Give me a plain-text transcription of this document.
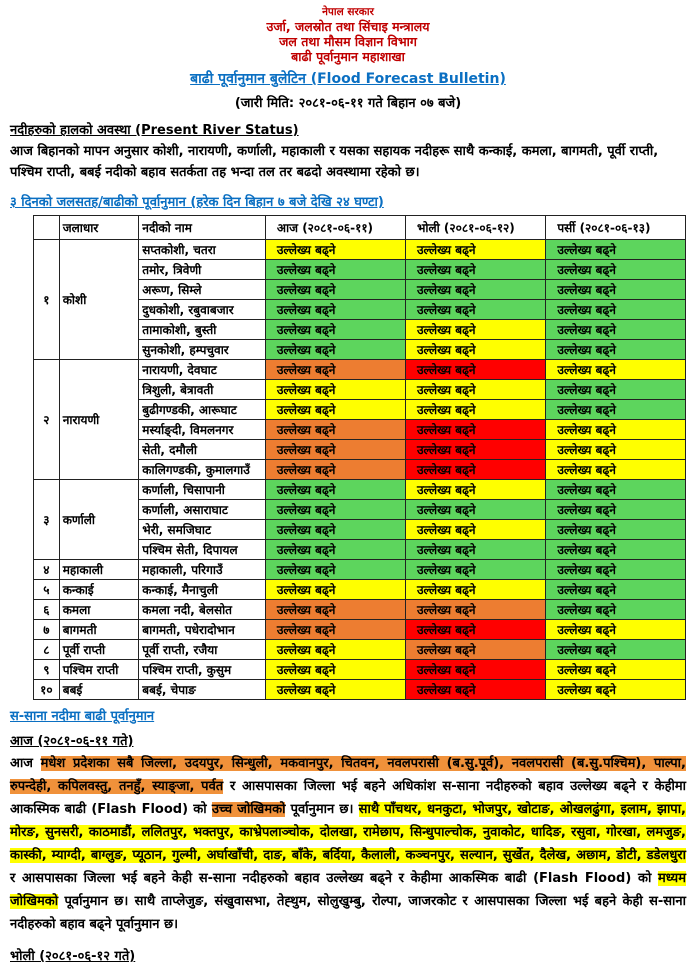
नेपाल सरकार
उर्जा, जलस्रोत तथा सिंचाइ मन्त्रालय
जल तथा मौसम विज्ञान विभाग
बाढी पूर्वानुमान महाशाखा
बाढी पूर्वानुमान बुलेटिन (Flood Forecast Bulletin)
(जारी मिति: २०८१-०६-११ गते बिहान ०७ बजे)
नदीहरुको हालको अवस्था (Present River Status)

आज बिहानको मापन अनुसार कोशी, नारायणी, कर्णाली, महाकाली र यसका सहायक नदीहरू साथै कन्काई, कमला, बागमती, पूर्वी राप्ती, पश्चिम राप्ती, बबई नदीको बहाव सतर्कता तह भन्दा तल तर बढदो अवस्थामा रहेको छ।

३ दिनको जलसतह/बाढीको पूर्वानुमान (हरेक दिन बिहान ७ बजे देखि २४ घण्टा)
	जलाधार	नदीको नाम	आज (२०८१-०६-११)	भोली (२०८१-०६-१२)	पर्सी (२०८१-०६-१३)
१	कोशी	सप्तकोशी, चतरा	उल्लेख्य बढ्ने	उल्लेख्य बढ्ने	उल्लेख्य बढ्ने
		तमोर, त्रिवेणी	उल्लेख्य बढ्ने	उल्लेख्य बढ्ने	उल्लेख्य बढ्ने
		अरूण, सिम्ले	उल्लेख्य बढ्ने	उल्लेख्य बढ्ने	उल्लेख्य बढ्ने
		दुधकोशी, रबुवाबजार	उल्लेख्य बढ्ने	उल्लेख्य बढ्ने	उल्लेख्य बढ्ने
		तामाकोशी, बुस्ती	उल्लेख्य बढ्ने	उल्लेख्य बढ्ने	उल्लेख्य बढ्ने
		सुनकोशी, हम्पचुवार	उल्लेख्य बढ्ने	उल्लेख्य बढ्ने	उल्लेख्य बढ्ने
२	नारायणी	नारायणी, देवघाट	उल्लेख्य बढ्ने	उल्लेख्य बढ्ने	उल्लेख्य बढ्ने
		त्रिशुली, बेत्रावती	उल्लेख्य बढ्ने	उल्लेख्य बढ्ने	उल्लेख्य बढ्ने
		बुढीगण्डकी, आरूघाट	उल्लेख्य बढ्ने	उल्लेख्य बढ्ने	उल्लेख्य बढ्ने
		मर्स्याङ्दी, विमलनगर	उल्लेख्य बढ्ने	उल्लेख्य बढ्ने	उल्लेख्य बढ्ने
		सेती, दमौली	उल्लेख्य बढ्ने	उल्लेख्य बढ्ने	उल्लेख्य बढ्ने
		कालिगण्डकी, कुमालगाउँ	उल्लेख्य बढ्ने	उल्लेख्य बढ्ने	उल्लेख्य बढ्ने
३	कर्णाली	कर्णाली, चिसापानी	उल्लेख्य बढ्ने	उल्लेख्य बढ्ने	उल्लेख्य बढ्ने
		कर्णाली, असाराघाट	उल्लेख्य बढ्ने	उल्लेख्य बढ्ने	उल्लेख्य बढ्ने
		भेरी, समजिघाट	उल्लेख्य बढ्ने	उल्लेख्य बढ्ने	उल्लेख्य बढ्ने
		पश्चिम सेती, दिपायल	उल्लेख्य बढ्ने	उल्लेख्य बढ्ने	उल्लेख्य बढ्ने
४	महाकाली	महाकाली, परिगाउँ	उल्लेख्य बढ्ने	उल्लेख्य बढ्ने	उल्लेख्य बढ्ने
५	कन्काई	कन्काई, मैनाचुली	उल्लेख्य बढ्ने	उल्लेख्य बढ्ने	उल्लेख्य बढ्ने
६	कमला	कमला नदी, बेलसोत	उल्लेख्य बढ्ने	उल्लेख्य बढ्ने	उल्लेख्य बढ्ने
७	बागमती	बागमती, पधेरादोभान	उल्लेख्य बढ्ने	उल्लेख्य बढ्ने	उल्लेख्य बढ्ने
८	पूर्वी राप्ती	पूर्वी राप्ती, रजैया	उल्लेख्य बढ्ने	उल्लेख्य बढ्ने	उल्लेख्य बढ्ने
९	पश्चिम राप्ती	पश्चिम राप्ती, कुसुम	उल्लेख्य बढ्ने	उल्लेख्य बढ्ने	उल्लेख्य बढ्ने
१०	बबई	बबई, चेपाङ	उल्लेख्य बढ्ने	उल्लेख्य बढ्ने	उल्लेख्य बढ्ने
स-साना नदीमा बाढी पूर्वानुमान
आज (२०८१-०६-११ गते)

आज मधेश प्रदेशका सबै जिल्ला, उदयपुर, सिन्धुली, मकवानपुर, चितवन, नवलपरासी (ब.सु.पूर्व), नवलपरासी (ब.सु.पश्चिम), पाल्पा, रुपन्देही, कपिलवस्तु, तनहुँ, स्याङ्जा, पर्वत र आसपासका जिल्ला भई बहने अधिकांश स-साना नदीहरुको बहाव उल्लेख्य बढ्ने र केहीमा आकस्मिक बाढी (Flash Flood) को उच्च जोखिमको पूर्वानुमान छ। साथै पाँचथर, धनकुटा, भोजपुर, खोटाङ, ओखलढुंगा, इलाम, झापा, मोरङ, सुनसरी, काठमाडौं, ललितपुर, भक्तपुर, काभ्रेपलाञ्चोक, दोलखा, रामेछाप, सिन्धुपाल्चोक, नुवाकोट, धादिङ, रसुवा, गोरखा, लमजुङ, कास्की, म्याग्दी, बाग्लुङ, प्यूठान, गुल्मी, अर्घाखाँची, दाङ, बाँके, बर्दिया, कैलाली, कञ्चनपुर, सल्यान, सुर्खेत, दैलेख, अछाम, डोटी, डडेलधुरा र आसपासका जिल्ला भई बहने केही स-साना नदीहरुको बहाव उल्लेख्य बढ्ने र केहीमा आकस्मिक बाढी (Flash Flood) को मध्यम जोखिमको पूर्वानुमान छ। साथै ताप्लेजुङ, संखुवासभा, तेह्थुम, सोलुखुम्बु, रोल्पा, जाजरकोट र आसपासका जिल्ला भई बहने केही स-साना नदीहरुको बहाव बढ्ने पूर्वानुमान छ।

भोली (२०८१-०६-१२ गते)
